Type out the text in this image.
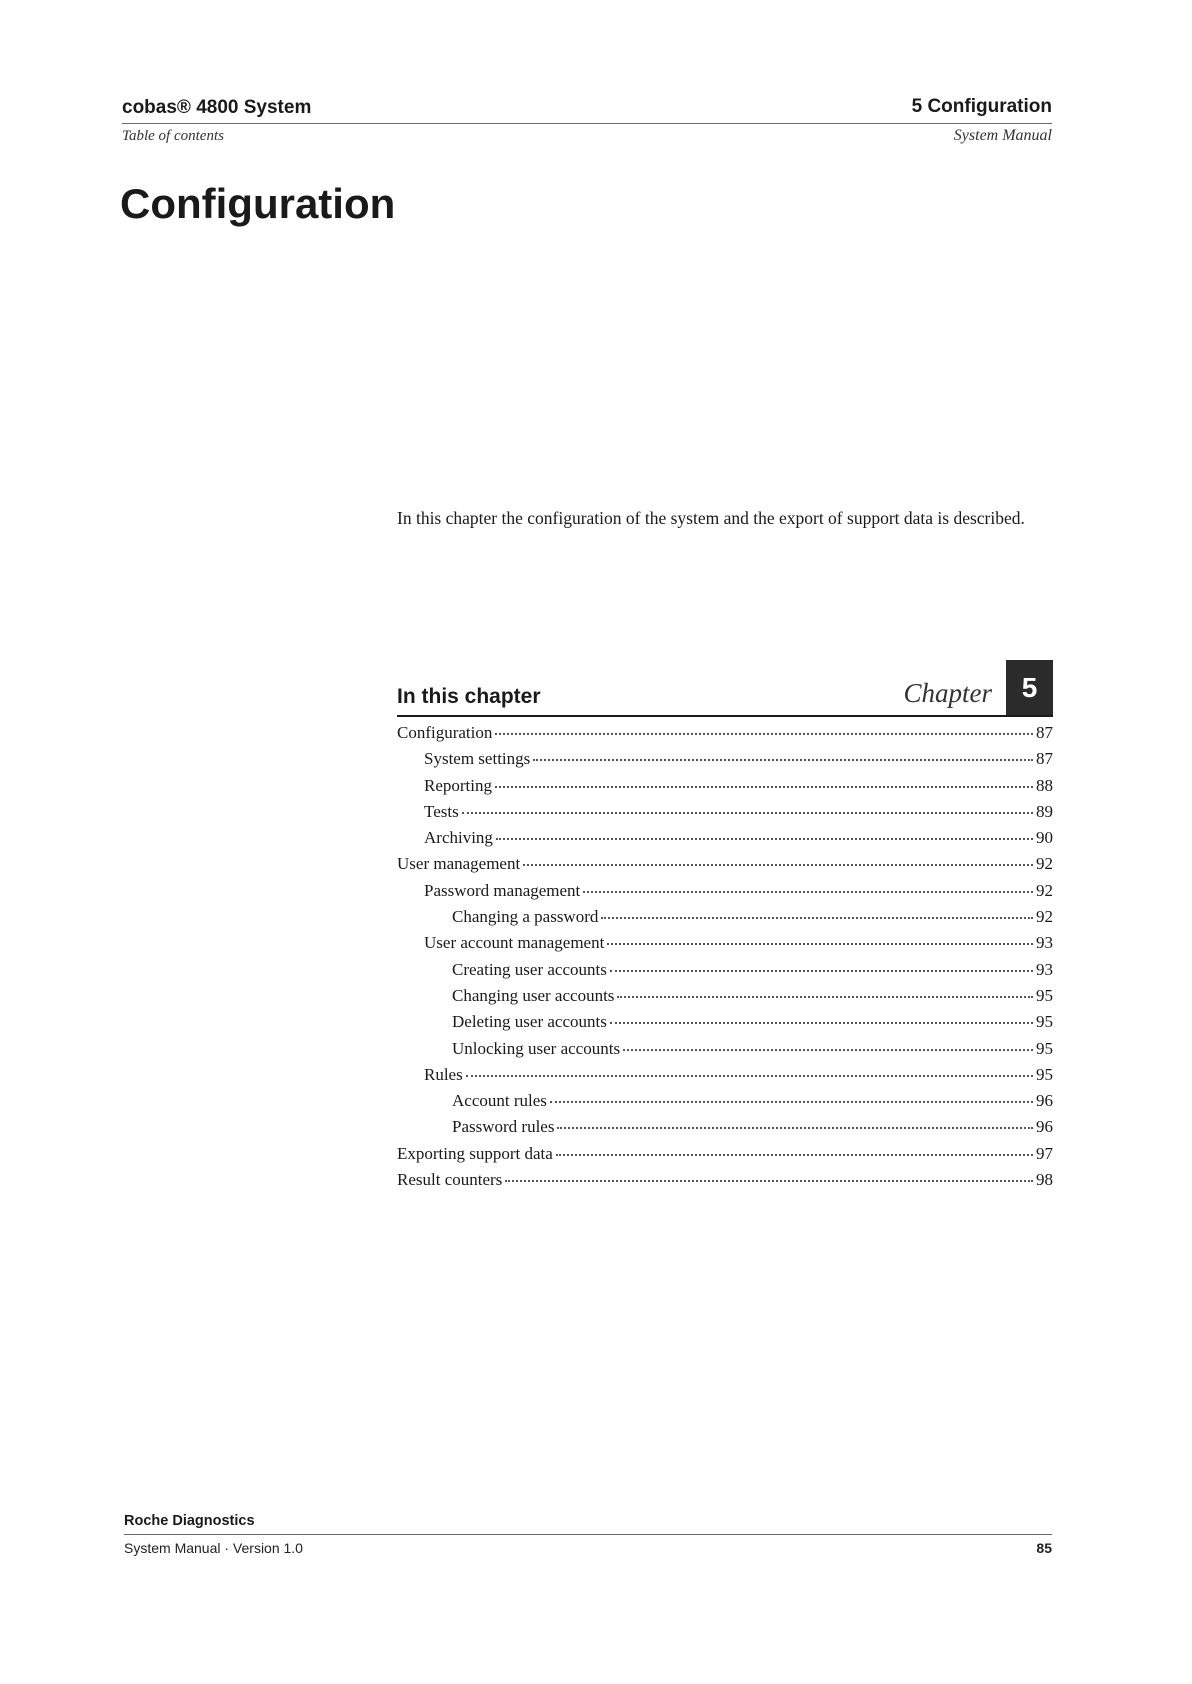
cobas® 4800 System	5 Configuration
Table of contents	System Manual
Configuration

In this chapter the configuration of the system and the export of support data is described.

In this chapter	Chapter	5
Configuration	87
System settings	87
Reporting	88
Tests	89
Archiving	90
User management	92
Password management	92
Changing a password	92
User account management	93
Creating user accounts	93
Changing user accounts	95
Deleting user accounts	95
Unlocking user accounts	95
Rules	95
Account rules	96
Password rules	96
Exporting support data	97
Result counters	98
Roche Diagnostics
System Manual · Version 1.0	85
